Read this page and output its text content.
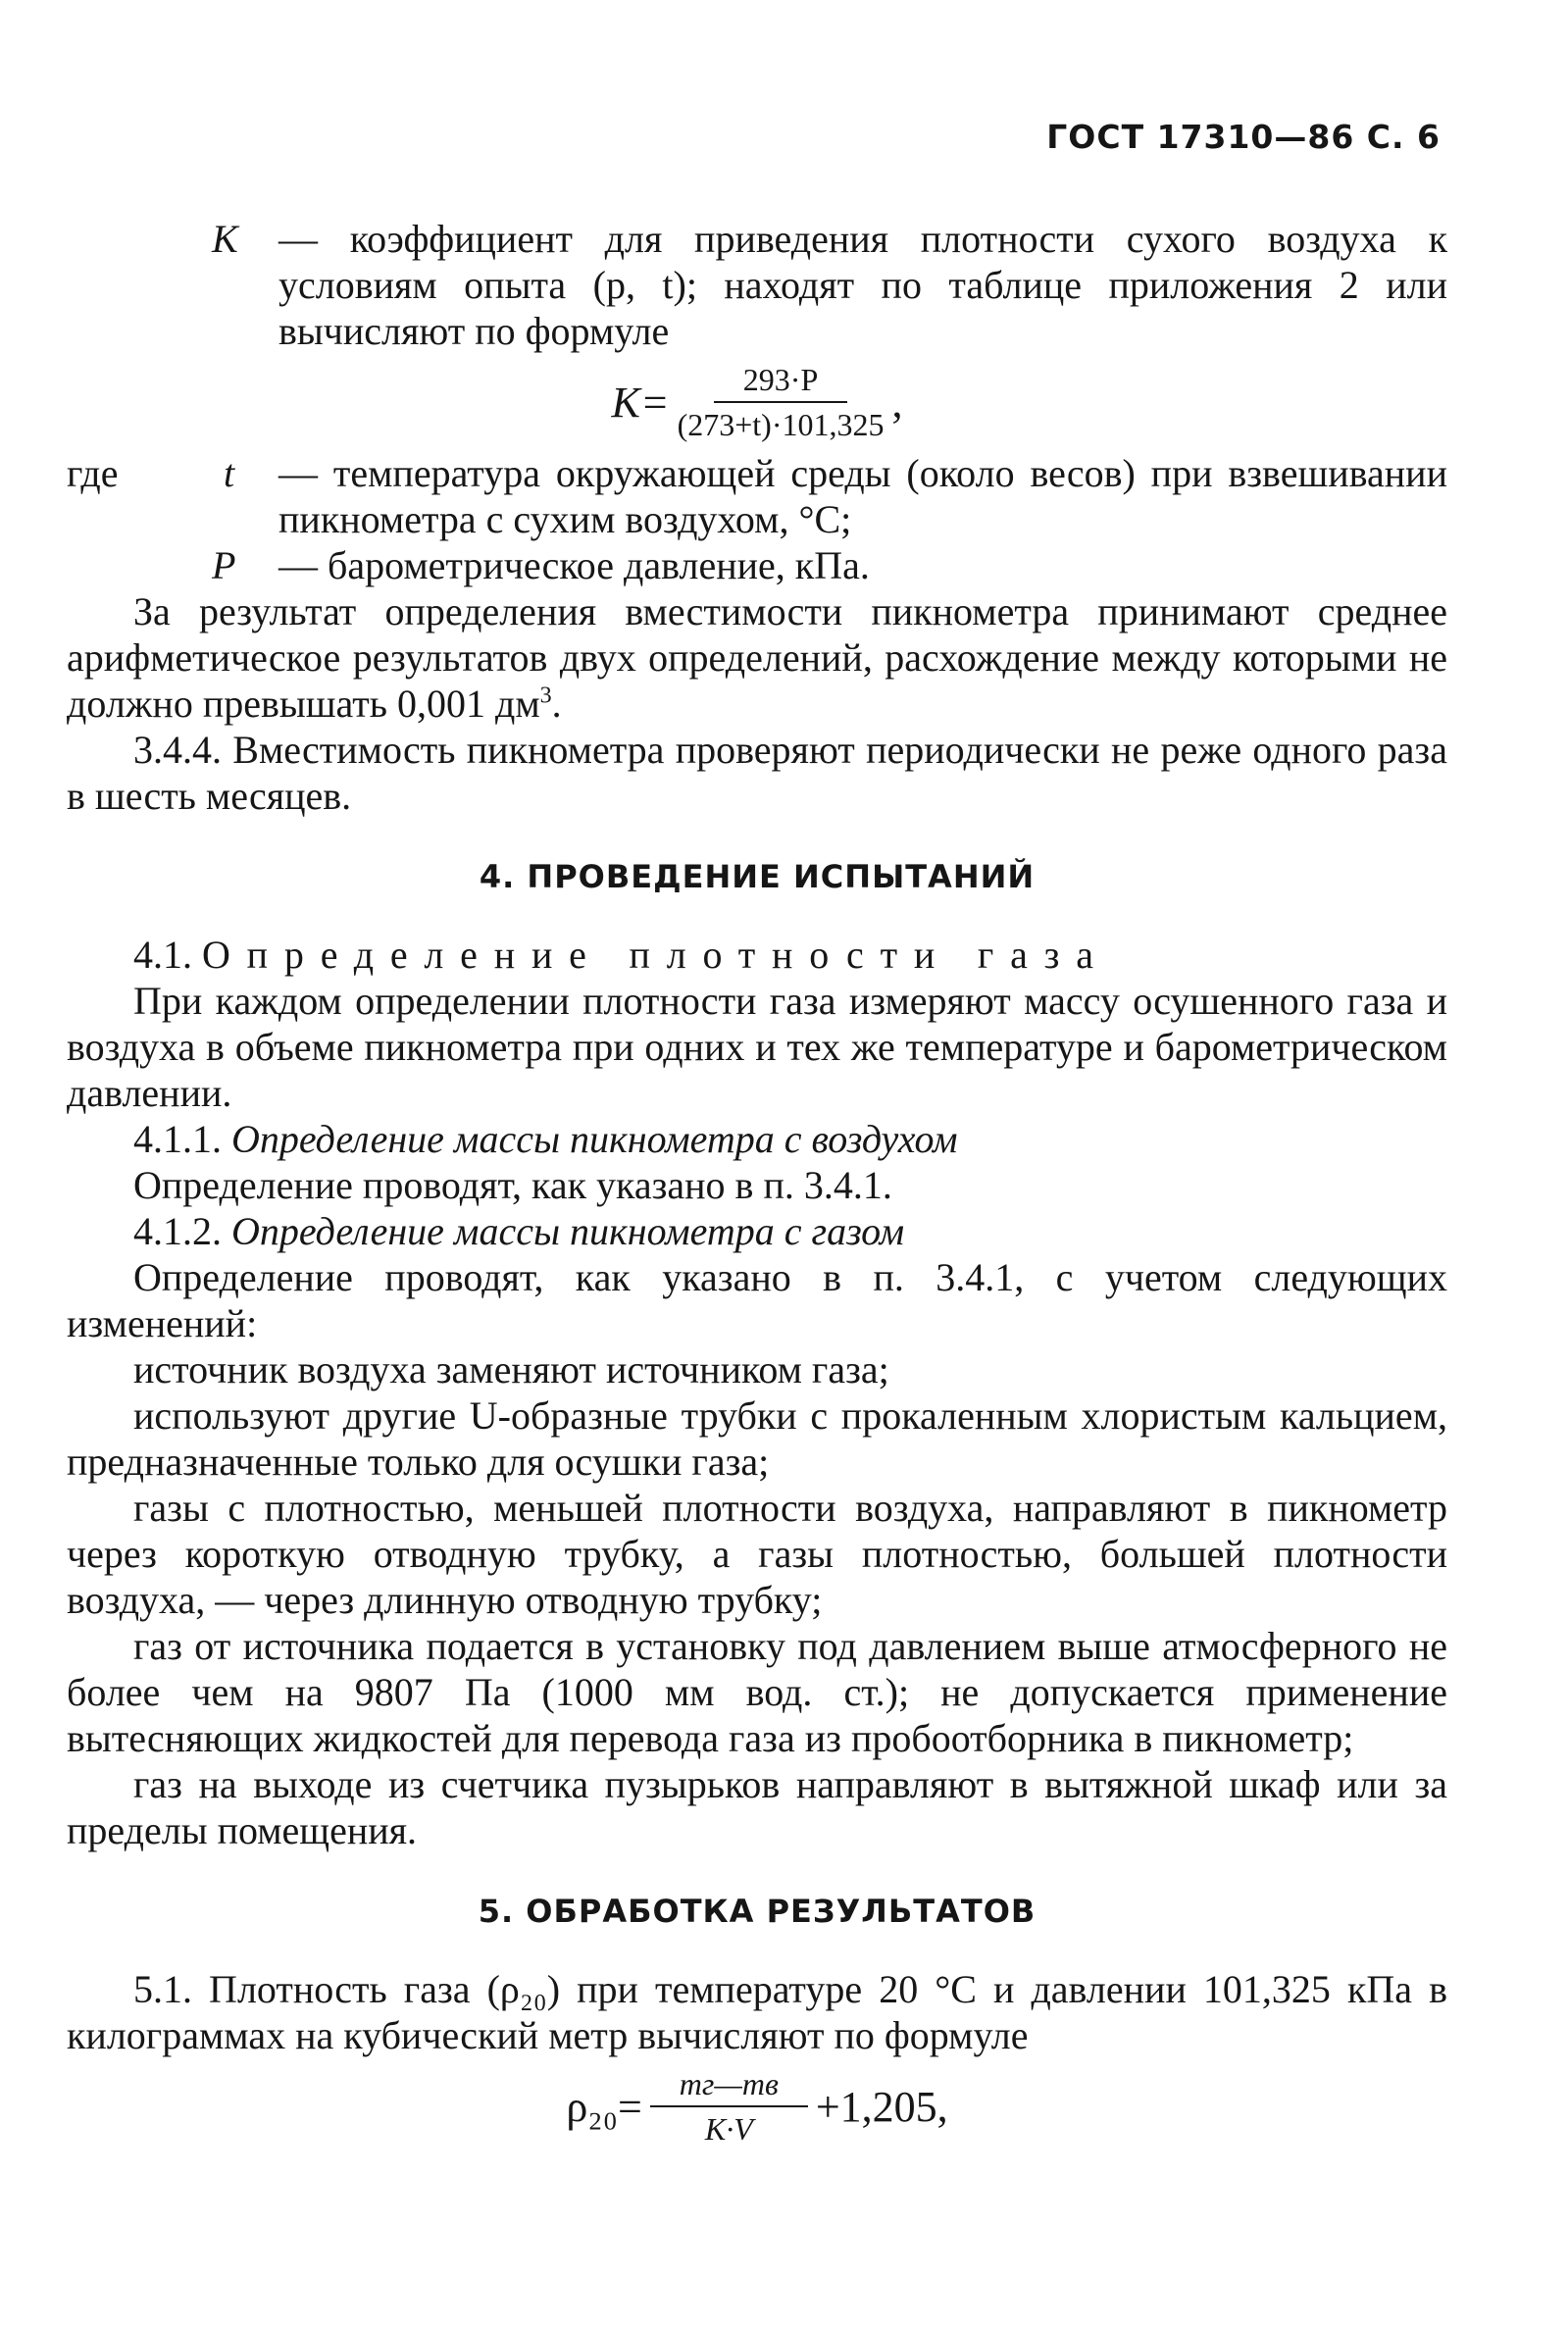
ГОСТ 17310—86 С. 6

K — коэффициент для приведения плотности сухого воздуха к условиям опыта (р, t); находят по таблице приложения 2 или вычисляют по формуле

$K= \frac{293\cdot P}{(273+t)\cdot 101,325}$ ,

где	t — температура окружающей среды (около весов) при взвешивании пикнометра с сухим воздухом, °С;

P — барометрическое давление, кПа.

За результат определения вместимости пикнометра принимают среднее арифметическое результатов двух определений, расхождение между которыми не должно превышать 0,001 $дм^3$.

3.4.4. Вместимость пикнометра проверяют периодически не реже одного раза в шесть месяцев.

4. ПРОВЕДЕНИЕ ИСПЫТАНИЙ

4.1. Определение плотности газа

При каждом определении плотности газа измеряют массу осушенного газа и воздуха в объеме пикнометра при одних и тех же температуре и барометрическом давлении.

4.1.1. Определение массы пикнометра с воздухом

Определение проводят, как указано в п. 3.4.1.

4.1.2. Определение массы пикнометра с газом

Определение проводят, как указано в п. 3.4.1, с учетом следующих изменений:

источник воздуха заменяют источником газа;

используют другие U-образные трубки с прокаленным хлористым кальцием, предназначенные только для осушки газа;

газы с плотностью, меньшей плотности воздуха, направляют в пикнометр через короткую отводную трубку, а газы плотностью, большей плотности воздуха, — через длинную отводную трубку;

газ от источника подается в установку под давлением выше атмосферного не более чем на 9807 Па (1000 мм вод. ст.); не допускается применение вытесняющих жидкостей для перевода газа из пробоотборника в пикнометр;

газ на выходе из счетчика пузырьков направляют в вытяжной шкаф или за пределы помещения.

5. ОБРАБОТКА РЕЗУЛЬТАТОВ

5.1. Плотность газа (ρ₂₀) при температуре 20 °С и давлении 101,325 кПа в килограммах на кубический метр вычисляют по формуле

$\rho_{20}= \frac{mг—mв}{K\cdot V} +1,205$,
